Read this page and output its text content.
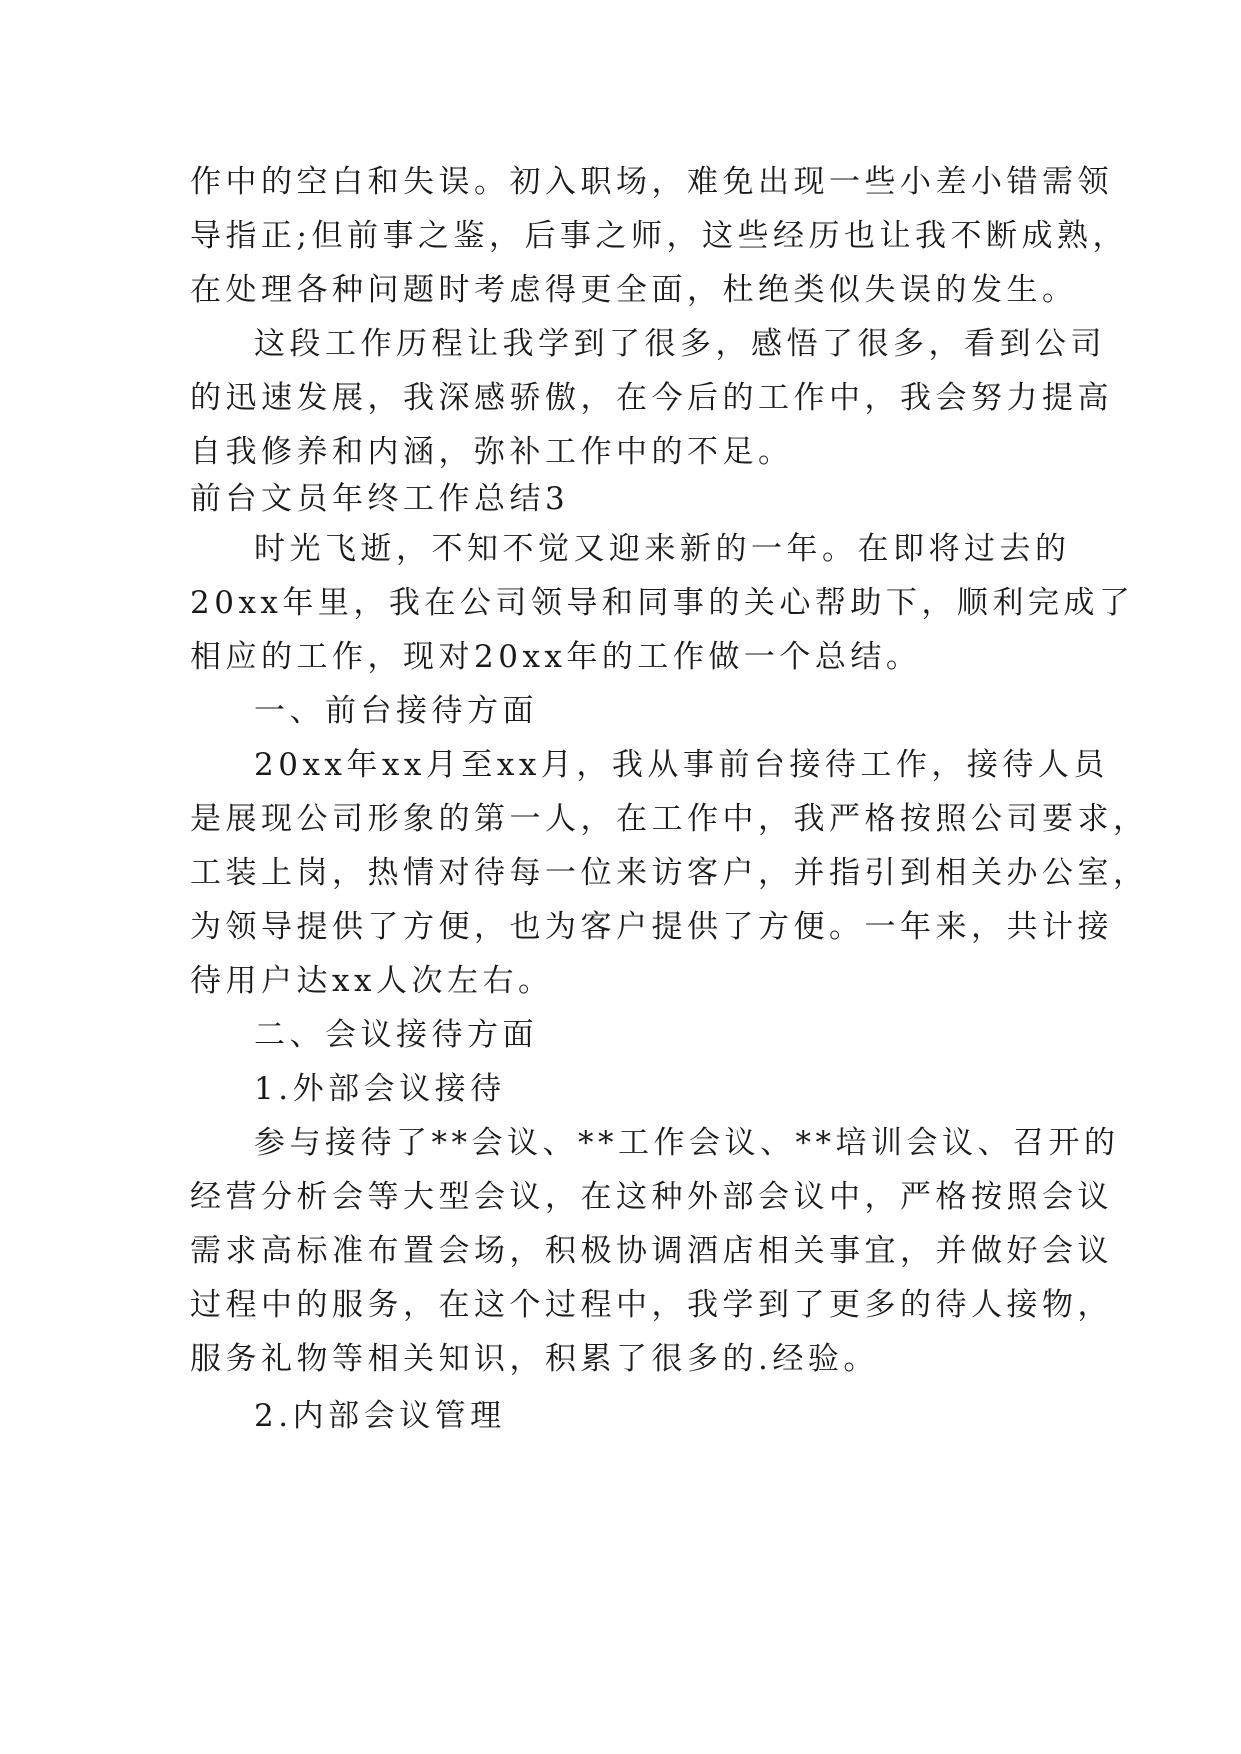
作中的空白和失误。初入职场，难免出现一些小差小错需领
导指正;但前事之鉴，后事之师，这些经历也让我不断成熟，
在处理各种问题时考虑得更全面，杜绝类似失误的发生。
这段工作历程让我学到了很多，感悟了很多，看到公司
的迅速发展，我深感骄傲，在今后的工作中，我会努力提高
自我修养和内涵，弥补工作中的不足。
前台文员年终工作总结3
时光飞逝，不知不觉又迎来新的一年。在即将过去的
20xx年里，我在公司领导和同事的关心帮助下，顺利完成了
相应的工作，现对20xx年的工作做一个总结。
一、前台接待方面
20xx年xx月至xx月，我从事前台接待工作，接待人员
是展现公司形象的第一人，在工作中，我严格按照公司要求，
工装上岗，热情对待每一位来访客户，并指引到相关办公室，
为领导提供了方便，也为客户提供了方便。一年来，共计接
待用户达xx人次左右。
二、会议接待方面
1.外部会议接待
参与接待了**会议、**工作会议、**培训会议、召开的
经营分析会等大型会议，在这种外部会议中，严格按照会议
需求高标准布置会场，积极协调酒店相关事宜，并做好会议
过程中的服务，在这个过程中，我学到了更多的待人接物，
服务礼物等相关知识，积累了很多的.经验。
2.内部会议管理
